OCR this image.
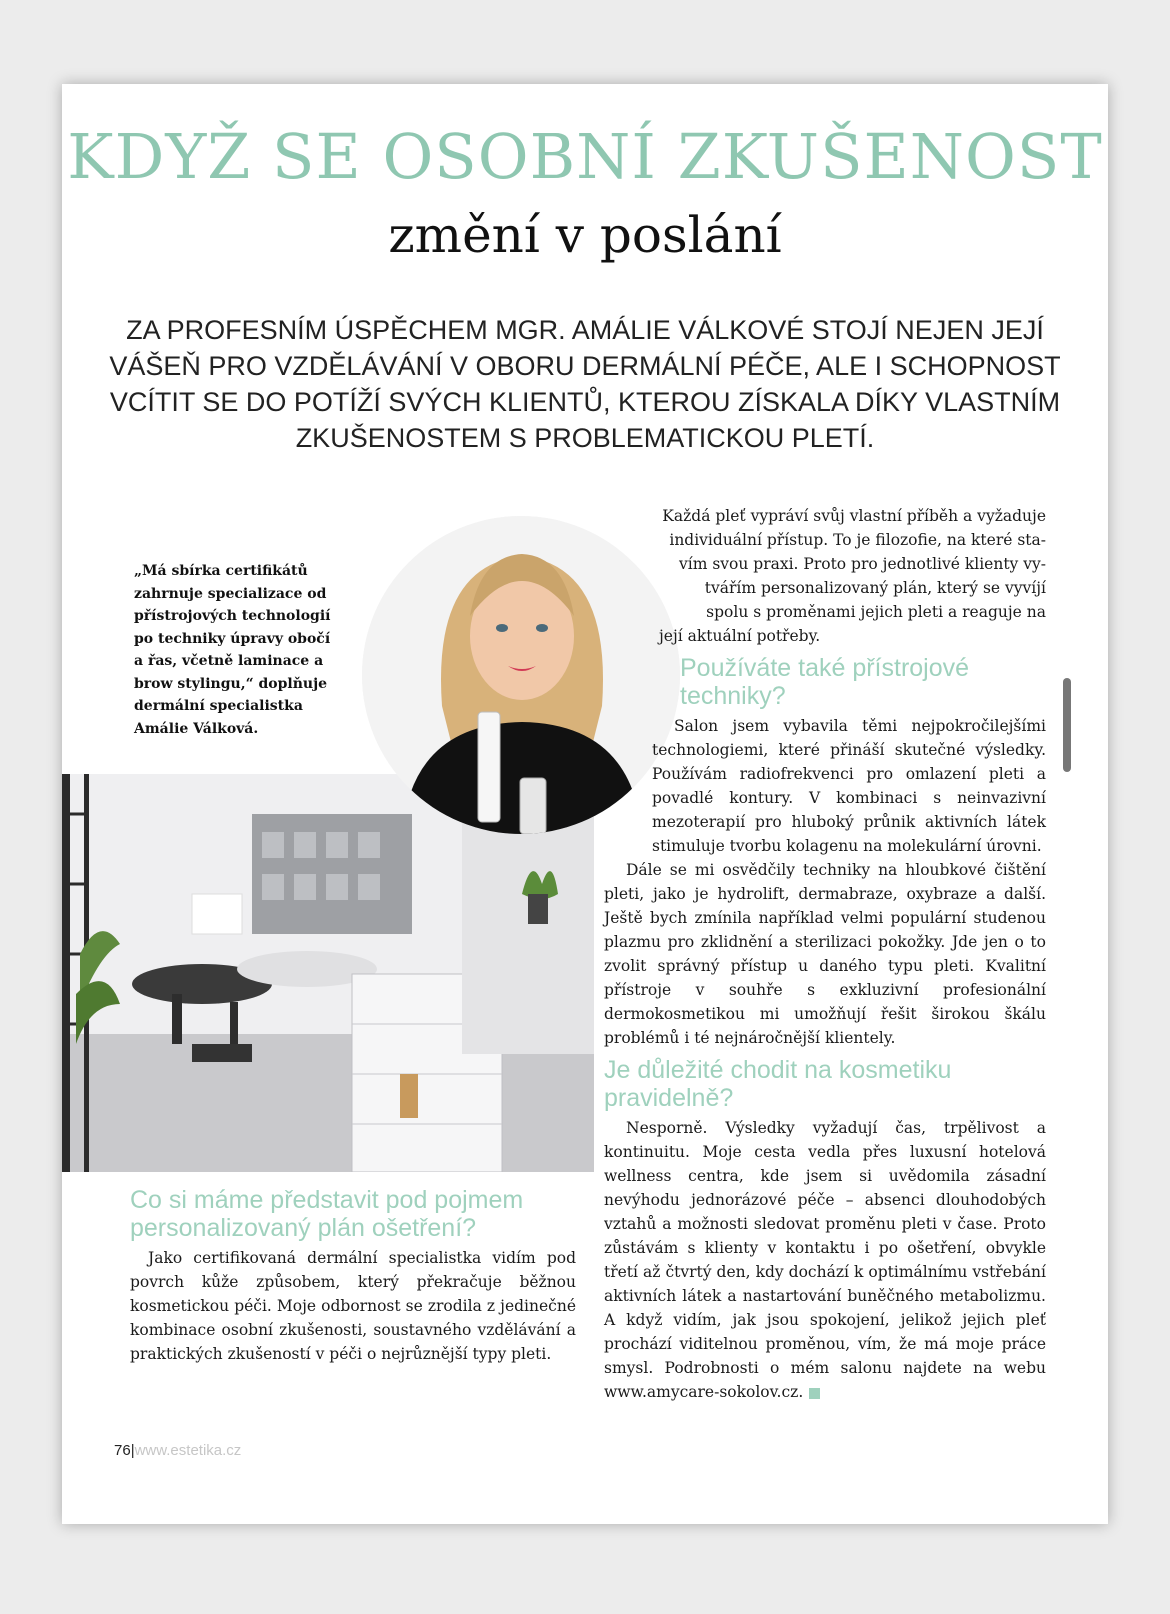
KDYŽ SE OSOBNÍ ZKUŠENOST
změní v poslání

ZA PROFESNÍM ÚSPĚCHEM MGR. AMÁLIE VÁLKOVÉ STOJÍ NEJEN JEJÍ VÁŠEŇ PRO VZDĚLÁVÁNÍ V OBORU DERMÁLNÍ PÉČE, ALE I SCHOPNOST VCÍTIT SE DO POTÍŽÍ SVÝCH KLIENTŮ, KTEROU ZÍSKALA DÍKY VLASTNÍM ZKUŠENOSTEM S PROBLEMATICKOU PLETÍ.

„Má sbírka certifikátů zahrnuje specializace od přístrojových technologií po techniky úpravy obočí a řas, včetně laminace a brow stylingu,“ doplňuje dermální specialistka Amálie Válková.

Každá pleť vypráví svůj vlastní příběh a vyžaduje
individuální přístup. To je filozofie, na které sta-
vím svou praxi. Proto pro jednotlivé klienty vy-
tvářím personalizovaný plán, který se vyvíjí
spolu s proměnami jejich pleti a reaguje na
její aktuální potřeby.

Používáte také přístrojové techniky?

Salon jsem vybavila těmi nejpokročilejšími technologiemi, které přináší skutečné výsledky. Používám radiofrekvenci pro omlazení pleti a povadlé kontury. V kombinaci s neinvazivní mezoterapií pro hluboký průnik aktivních látek stimuluje tvorbu kolagenu na molekulární úrovni.

Dále se mi osvědčily techniky na hloubkové čištění pleti, jako je hydrolift, dermabraze, oxybraze a další. Ještě bych zmínila například velmi populární studenou plazmu pro zklidnění a sterilizaci pokožky. Jde jen o to zvolit správný přístup u daného typu pleti. Kvalitní přístroje v souhře s exkluzivní profesionální dermokosmetikou mi umožňují řešit širokou škálu problémů i té nejnáročnější klientely.

Je důležité chodit na kosmetiku pravidelně?

Nesporně. Výsledky vyžadují čas, trpělivost a kontinuitu. Moje cesta vedla přes luxusní hotelová wellness centra, kde jsem si uvědomila zásadní nevýhodu jednorázové péče – absenci dlouhodobých vztahů a možnosti sledovat proměnu pleti v čase. Proto zůstávám s klienty v kontaktu i po ošetření, obvykle třetí až čtvrtý den, kdy dochází k optimálnímu vstřebání aktivních látek a nastartování buněčného metabolizmu. A když vidím, jak jsou spokojení, jelikož jejich pleť prochází viditelnou proměnou, vím, že má moje práce smysl. Podrobnosti o mém salonu najdete na webu www.amycare-sokolov.cz.

Co si máme představit pod pojmem personalizovaný plán ošetření?

Jako certifikovaná dermální specialistka vidím pod povrch kůže způsobem, který překračuje běžnou kosmetickou péči. Moje odbornost se zrodila z jedinečné kombinace osobní zkušenosti, soustavného vzdělávání a praktických zkušeností v péči o nejrůznější typy pleti.

76|www.estetika.cz
